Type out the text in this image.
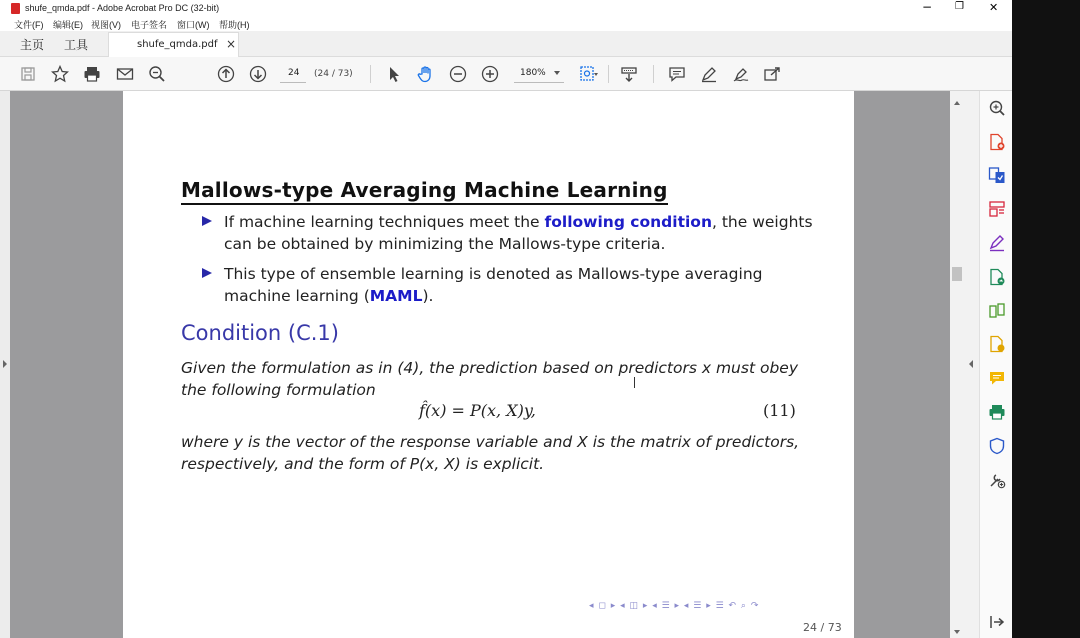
shufe_qmda.pdf - Adobe Acrobat Pro DC (32-bit)	− ❐ ✕
文件(F) 编辑(E) 视图(V) 电子签名 窗口(W) 帮助(H)
主页 工具	shufe_qmda.pdf ×
24 (24 / 73)	180%
Mallows-type Averaging Machine Learning
If machine learning techniques meet the following condition, the weights
can be obtained by minimizing the Mallows-type criteria.
This type of ensemble learning is denoted as Mallows-type averaging
machine learning (MAML).
Condition (C.1)
Given the formulation as in (4), the prediction based on predictors x must obey
the following formulation
f̂(x) = P(x, X)y,	(11)
where y is the vector of the response variable and X is the matrix of predictors,
respectively, and the form of P(x, X) is explicit.
◂ ◻ ▸ ◂ ◫ ▸ ◂ ☰ ▸ ◂ ☰ ▸ ☰ ↶ ⌕ ↷
24 / 73
